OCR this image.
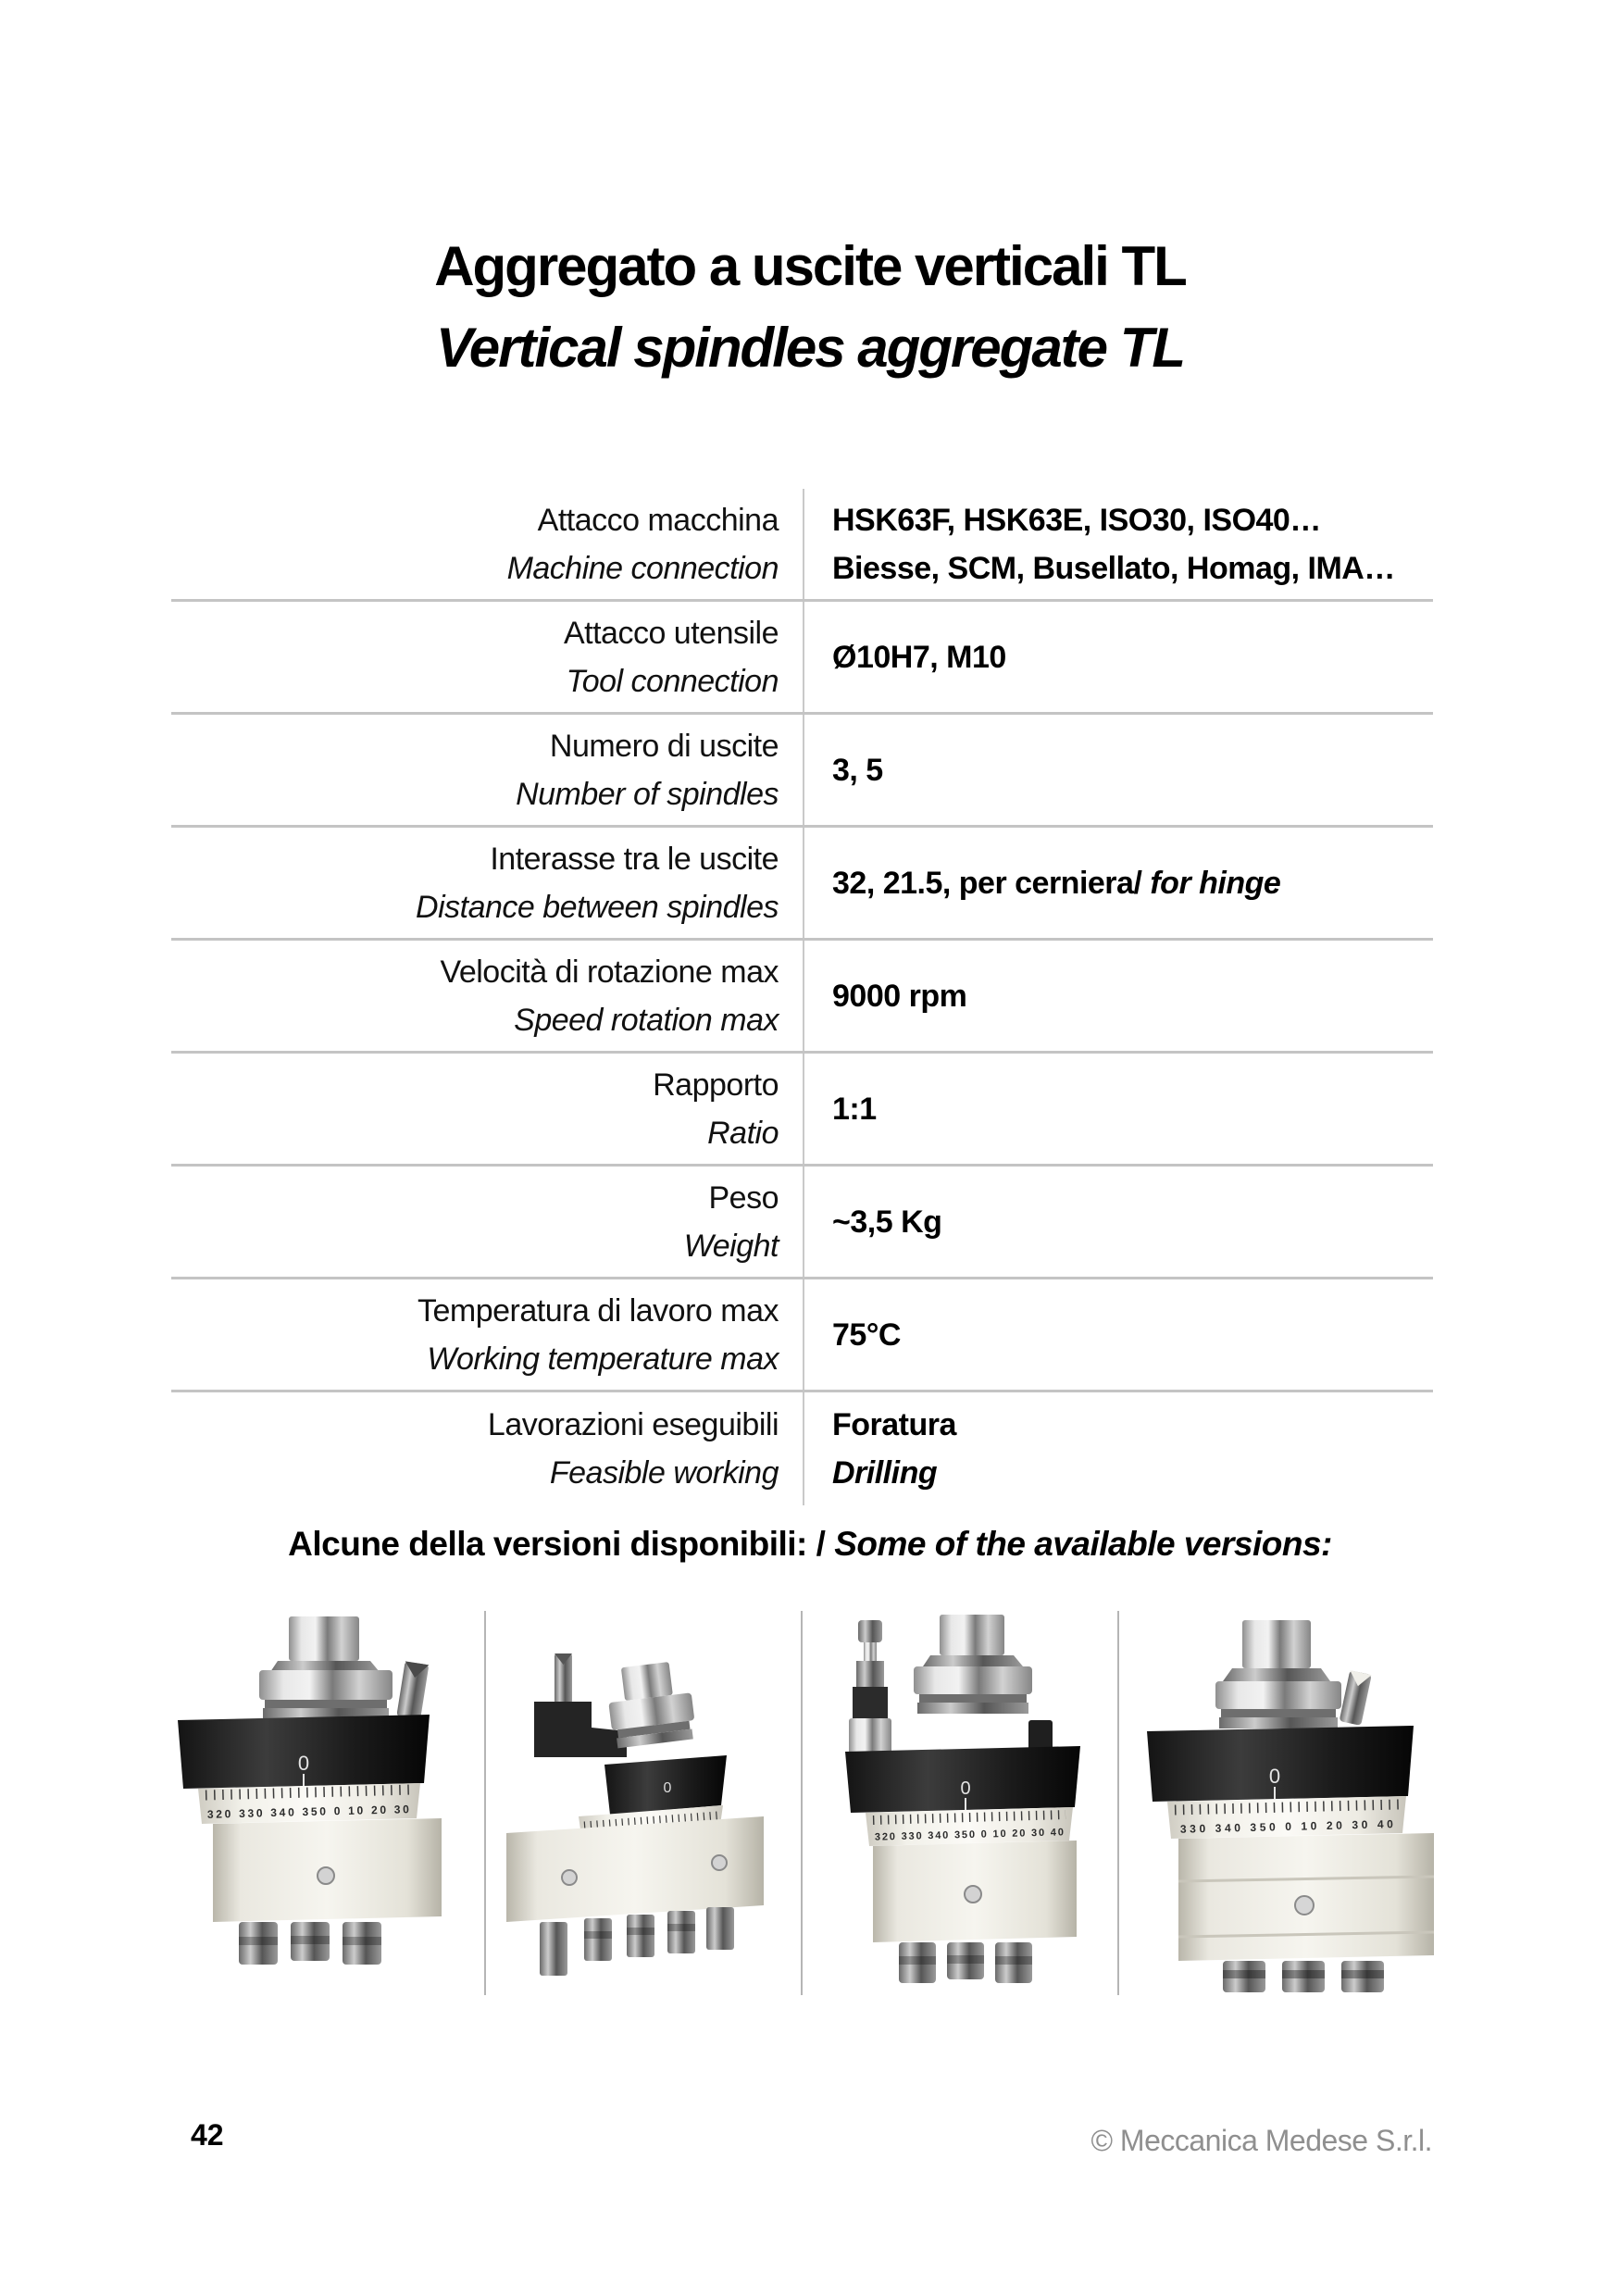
Aggregato a uscite verticali TL
Vertical spindles aggregate TL
Attacco macchina
Machine connection
HSK63F, HSK63E, ISO30, ISO40…
Biesse, SCM, Busellato, Homag, IMA…
Attacco utensile
Tool connection
Ø10H7, M10
Numero di uscite
Number of spindles
3, 5
Interasse tra le uscite
Distance between spindles
32, 21.5, per cerniera/ for hinge
Velocità di rotazione max
Speed rotation max
9000 rpm
Rapporto
Ratio
1:1
Peso
Weight
~3,5 Kg
Temperatura di lavoro max
Working temperature max
75°C
Lavorazioni eseguibili
Feasible working
Foratura
Drilling
Alcune della versioni disponibili: / Some of the available versions:
0
320 330 340 350 0 10 20 30
0	0
320 330 340 350 0 10 20 30 40
0
330 340 350 0 10 20 30 40
42	© Meccanica Medese S.r.l.
